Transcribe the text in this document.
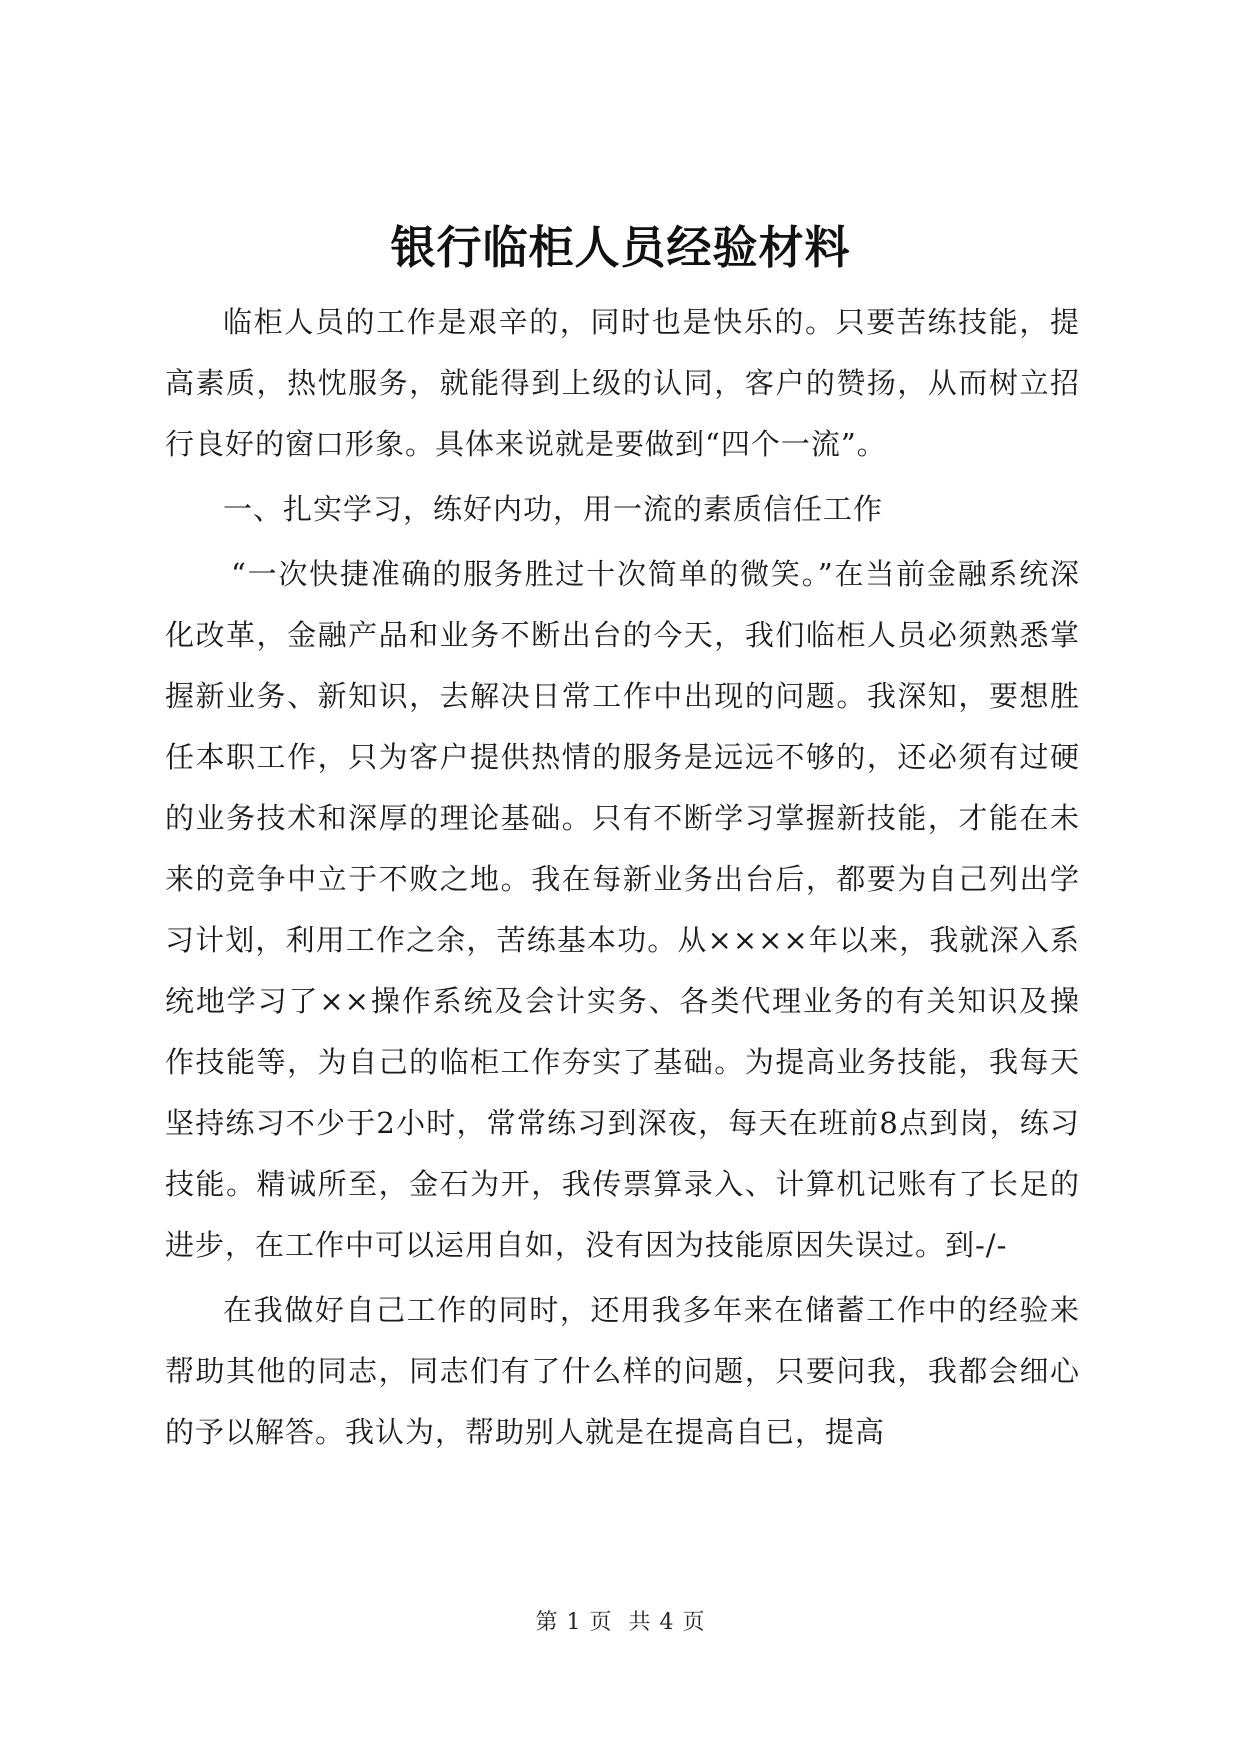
银行临柜人员经验材料

临柜人员的工作是艰辛的，同时也是快乐的。只要苦练技能，提高素质，热忱服务，就能得到上级的认同，客户的赞扬，从而树立招行良好的窗口形象。具体来说就是要做到“四个一流”。

一、扎实学习，练好内功，用一流的素质信任工作

“一次快捷准确的服务胜过十次简单的微笑。”在当前金融系统深化改革，金融产品和业务不断出台的今天，我们临柜人员必须熟悉掌握新业务、新知识，去解决日常工作中出现的问题。我深知，要想胜任本职工作，只为客户提供热情的服务是远远不够的，还必须有过硬的业务技术和深厚的理论基础。只有不断学习掌握新技能，才能在未来的竞争中立于不败之地。我在每新业务出台后，都要为自己列出学习计划，利用工作之余，苦练基本功。从××××年以来，我就深入系统地学习了××操作系统及会计实务、各类代理业务的有关知识及操作技能等，为自己的临柜工作夯实了基础。为提高业务技能，我每天坚持练习不少于2小时，常常练习到深夜，每天在班前8点到岗，练习技能。精诚所至，金石为开，我传票算录入、计算机记账有了长足的进步，在工作中可以运用自如，没有因为技能原因失误过。到-/-

在我做好自己工作的同时，还用我多年来在储蓄工作中的经验来帮助其他的同志，同志们有了什么样的问题，只要问我，我都会细心的予以解答。我认为，帮助别人就是在提高自已，提高

第 1 页  共 4 页
